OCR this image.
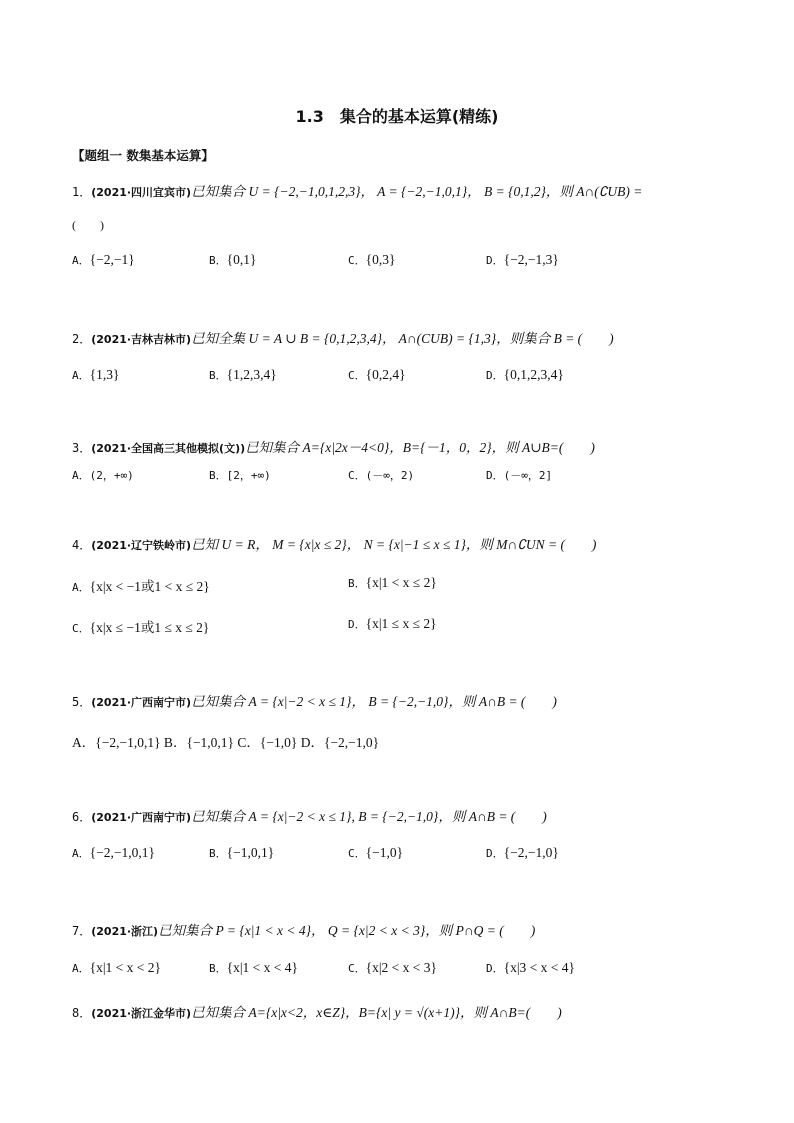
1.3　集合的基本运算(精练)
【题组一 数集基本运算】
1．(2021·四川宜宾市)已知集合 U = {−2,−1,0,1,2,3}， A = {−2,−1,0,1}， B = {0,1,2}，则 A∩(∁UB) =
(　　)
A．{−2,−1}	B．{0,1}	C．{0,3}	D．{−2,−1,3}
2．(2021·吉林吉林市)已知全集 U = A ∪ B = {0,1,2,3,4}， A∩(CUB) = {1,3}，则集合 B = (　　)
A．{1,3}	B．{1,2,3,4}	C．{0,2,4}	D．{0,1,2,3,4}
3．(2021·全国高三其他模拟(文))已知集合 A={x|2x－4<0}，B={－1，0，2}，则 A∪B=(　　)
A．(2，+∞)	B．[2，+∞)	C．(－∞，2)	D．(－∞，2]
4．(2021·辽宁铁岭市)已知 U = R， M = {x|x ≤ 2}， N = {x|−1 ≤ x ≤ 1}，则 M∩∁UN = (　　)
A．{x|x < −1或1 < x ≤ 2}	B．{x|1 < x ≤ 2}
C．{x|x ≤ −1或1 ≤ x ≤ 2}	D．{x|1 ≤ x ≤ 2}
5．(2021·广西南宁市)已知集合 A = {x|−2 < x ≤ 1}， B = {−2,−1,0}，则 A∩B = (　　)
A．{−2,−1,0,1} B．{−1,0,1} C．{−1,0} D．{−2,−1,0}
6．(2021·广西南宁市)已知集合 A = {x|−2 < x ≤ 1}, B = {−2,−1,0}，则 A∩B = (　　)
A．{−2,−1,0,1}	B．{−1,0,1}	C．{−1,0}	D．{−2,−1,0}
7．(2021·浙江)已知集合 P = {x|1 < x < 4}， Q = {x|2 < x < 3}，则 P∩Q = (　　)
A．{x|1 < x < 2}	B．{x|1 < x < 4}	C．{x|2 < x < 3}	D．{x|3 < x < 4}
8．(2021·浙江金华市)已知集合 A={x|x<2，x∈Z}，B={x| y = √(x+1)}，则 A∩B=(　　)
